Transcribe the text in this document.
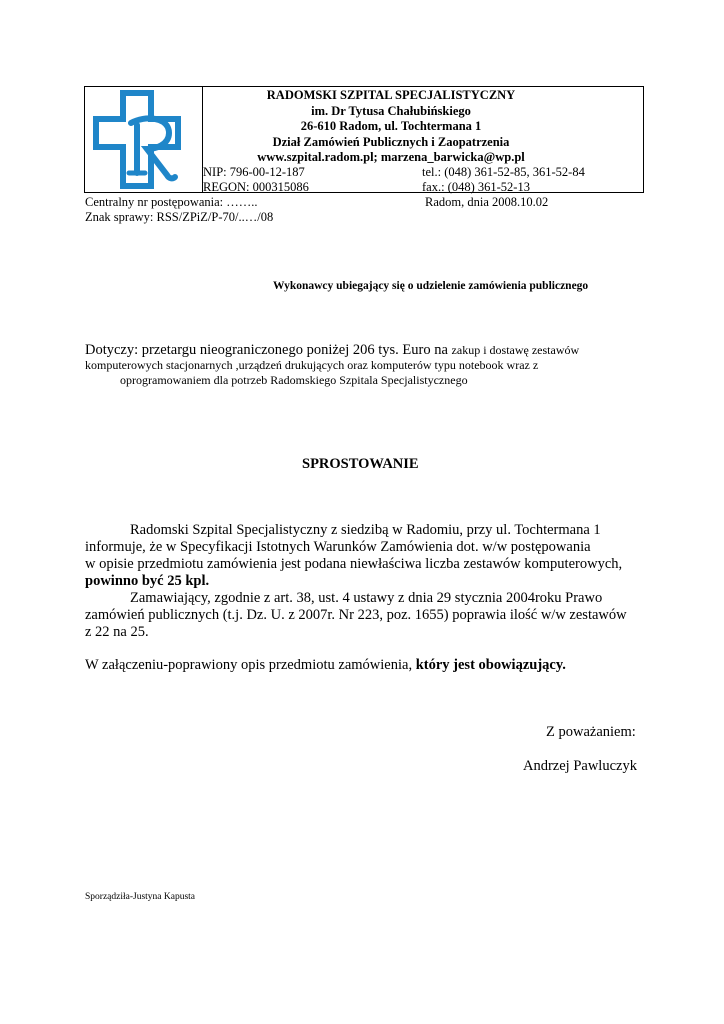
RADOMSKI SZPITAL SPECJALISTYCZNY
im. Dr Tytusa Chałubińskiego
26-610 Radom, ul. Tochtermana 1
Dział Zamówień Publicznych i Zaopatrzenia
www.szpital.radom.pl; marzena_barwicka@wp.pl
NIP: 796-00-12-187	tel.: (048) 361-52-85, 361-52-84
REGON: 000315086	fax.: (048) 361-52-13
Centralny nr postępowania: ……..	Radom, dnia 2008.10.02
Znak sprawy: RSS/ZPiZ/P-70/..…/08
Wykonawcy ubiegający się o udzielenie zamówienia publicznego
Dotyczy: przetargu nieograniczonego poniżej 206 tys. Euro na zakup i dostawę zestawów
komputerowych stacjonarnych ,urządzeń drukujących oraz komputerów typu notebook wraz z
oprogramowaniem dla potrzeb Radomskiego Szpitala Specjalistycznego
SPROSTOWANIE
Radomski Szpital Specjalistyczny z siedzibą w Radomiu, przy ul. Tochtermana 1
informuje, że w Specyfikacji Istotnych Warunków Zamówienia dot. w/w postępowania
w opisie przedmiotu zamówienia jest podana niewłaściwa liczba zestawów komputerowych,
powinno być 25 kpl.
Zamawiający, zgodnie z art. 38, ust. 4 ustawy z dnia 29 stycznia 2004roku Prawo
zamówień publicznych (t.j. Dz. U. z 2007r. Nr 223, poz. 1655) poprawia ilość w/w zestawów
z 22 na 25.
W załączeniu-poprawiony opis przedmiotu zamówienia, który jest obowiązujący.
Z poważaniem:
Andrzej Pawluczyk
Sporządziła-Justyna Kapusta
